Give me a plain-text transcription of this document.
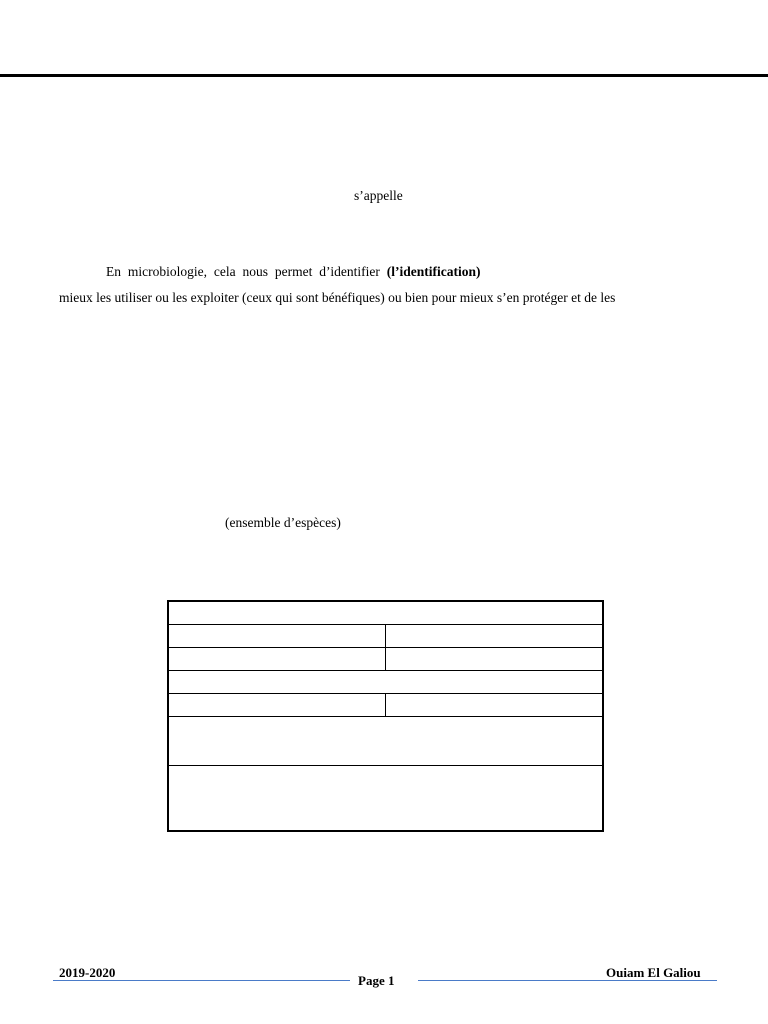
s’appelle
En microbiologie, cela nous permet d’identifier (l’identification)
mieux les utiliser ou les exploiter (ceux qui sont bénéfiques) ou bien pour mieux s’en protéger et de les
(ensemble d’espèces)

2019-2020
Page 1
Ouiam El Galiou
